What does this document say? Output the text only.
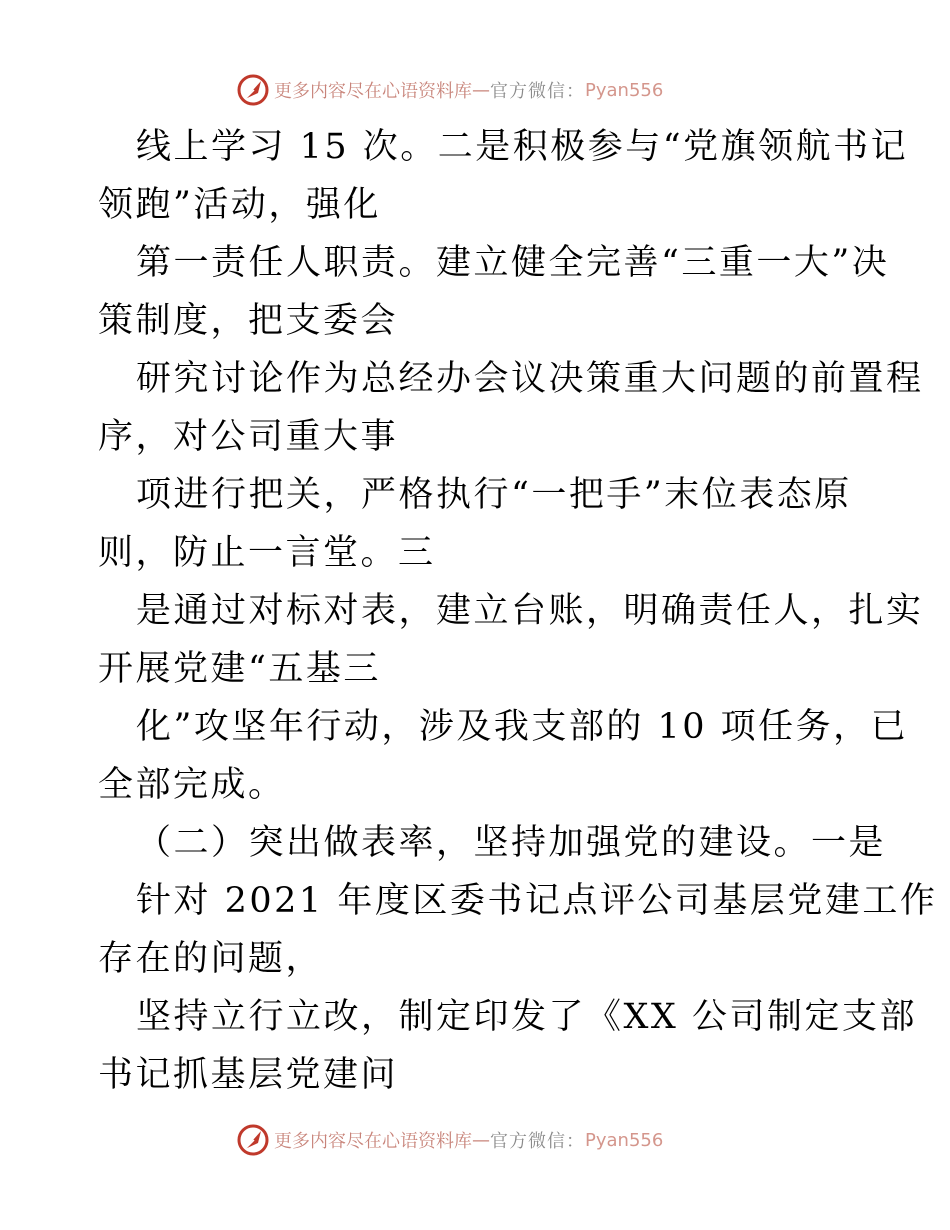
更多内容尽在心语资料库 — 官方微信： Pyan556
线上学习 15 次。二是积极参与“党旗领航书记
领跑”活动，强化
第一责任人职责。建立健全完善“三重一大”决
策制度，把支委会
研究讨论作为总经办会议决策重大问题的前置程
序，对公司重大事
项进行把关，严格执行“一把手”末位表态原
则，防止一言堂。三
是通过对标对表，建立台账，明确责任人，扎实
开展党建“五基三
化”攻坚年行动，涉及我支部的 10 项任务，已
全部完成。
（二）突出做表率，坚持加强党的建设。一是
针对 2021 年度区委书记点评公司基层党建工作
存在的问题，
坚持立行立改，制定印发了《XX 公司制定支部
书记抓基层党建问
更多内容尽在心语资料库 — 官方微信： Pyan556
